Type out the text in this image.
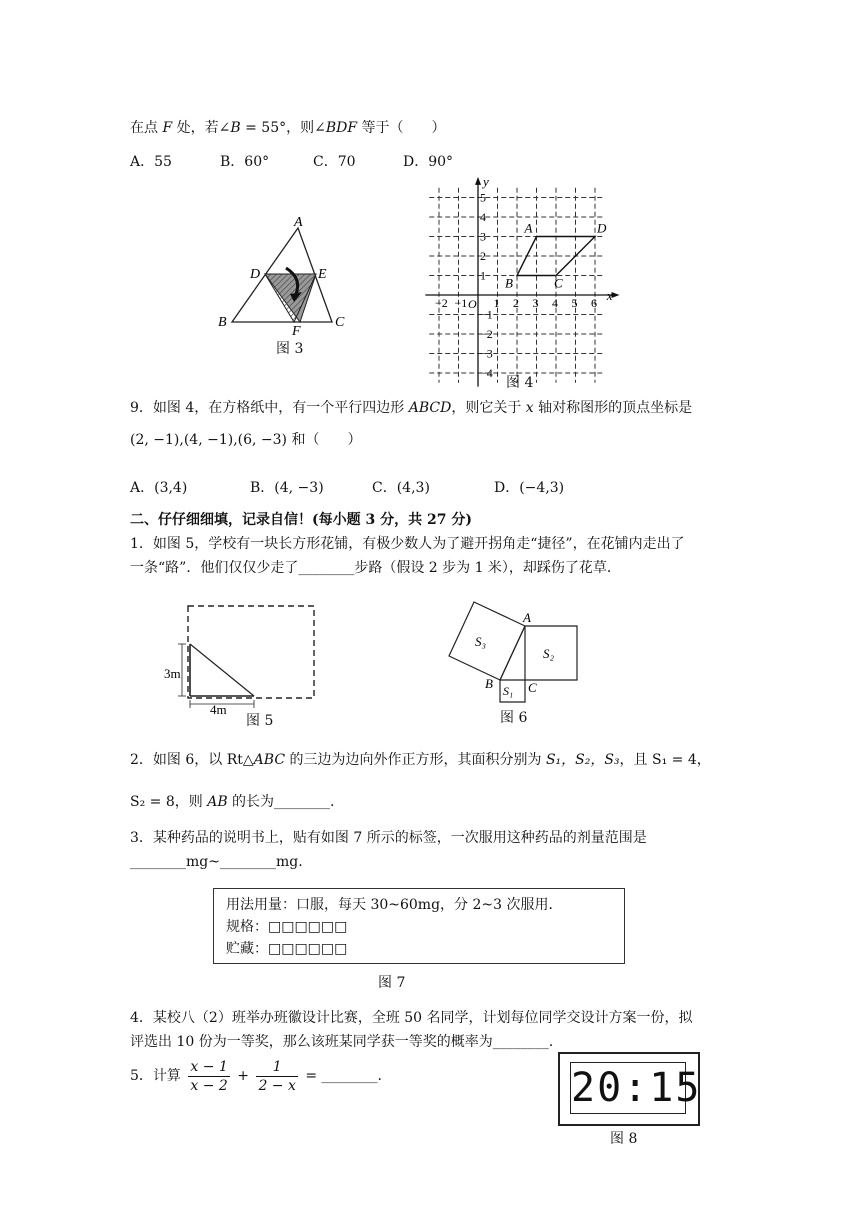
在点 F 处，若∠B = 55°，则∠BDF 等于（　　）
A．55	B．60°	C．70	D．90°
A
D	E
B	C
F
图 3
−2 −1 1 2 3 4 5 6
5
4
3
2
1
−1
−2
−3
−4
O
x
y
A
B	C
D
图 4
9．如图 4，在方格纸中，有一个平行四边形 ABCD，则它关于 x 轴对称图形的顶点坐标是
(2, −1),(4, −1),(6, −3) 和（　　）
A．(3,4)	B．(4, −3)	C．(4,3)	D．(−4,3)
二、仔仔细细填，记录自信！(每小题 3 分，共 27 分)
1．如图 5，学校有一块长方形花铺，有极少数人为了避开拐角走“捷径”，在花铺内走出了
一条“路”．他们仅仅少走了________步路（假设 2 步为 1 米），却踩伤了花草．
3m
4m
图 5
S₃
S₂
S₁
A
B	C
图 6
2．如图 6，以 Rt△ABC 的三边为边向外作正方形，其面积分别为 S₁，S₂，S₃，且 S₁ = 4，
S₂ = 8，则 AB 的长为________.
3．某种药品的说明书上，贴有如图 7 所示的标签，一次服用这种药品的剂量范围是
________mg~________mg.
用法用量：口服，每天 30~60mg，分 2~3 次服用．
规格：□□□□□□
贮藏：□□□□□□
图 7
4．某校八（2）班举办班徽设计比赛，全班 50 名同学，计划每位同学交设计方案一份，拟
评选出 10 份为一等奖，那么该班某同学获一等奖的概率为________.
5．计算 $\frac{x - 1}{x - 2} + \frac{1}{2 - x}$ = ________.	20:15
图 8
